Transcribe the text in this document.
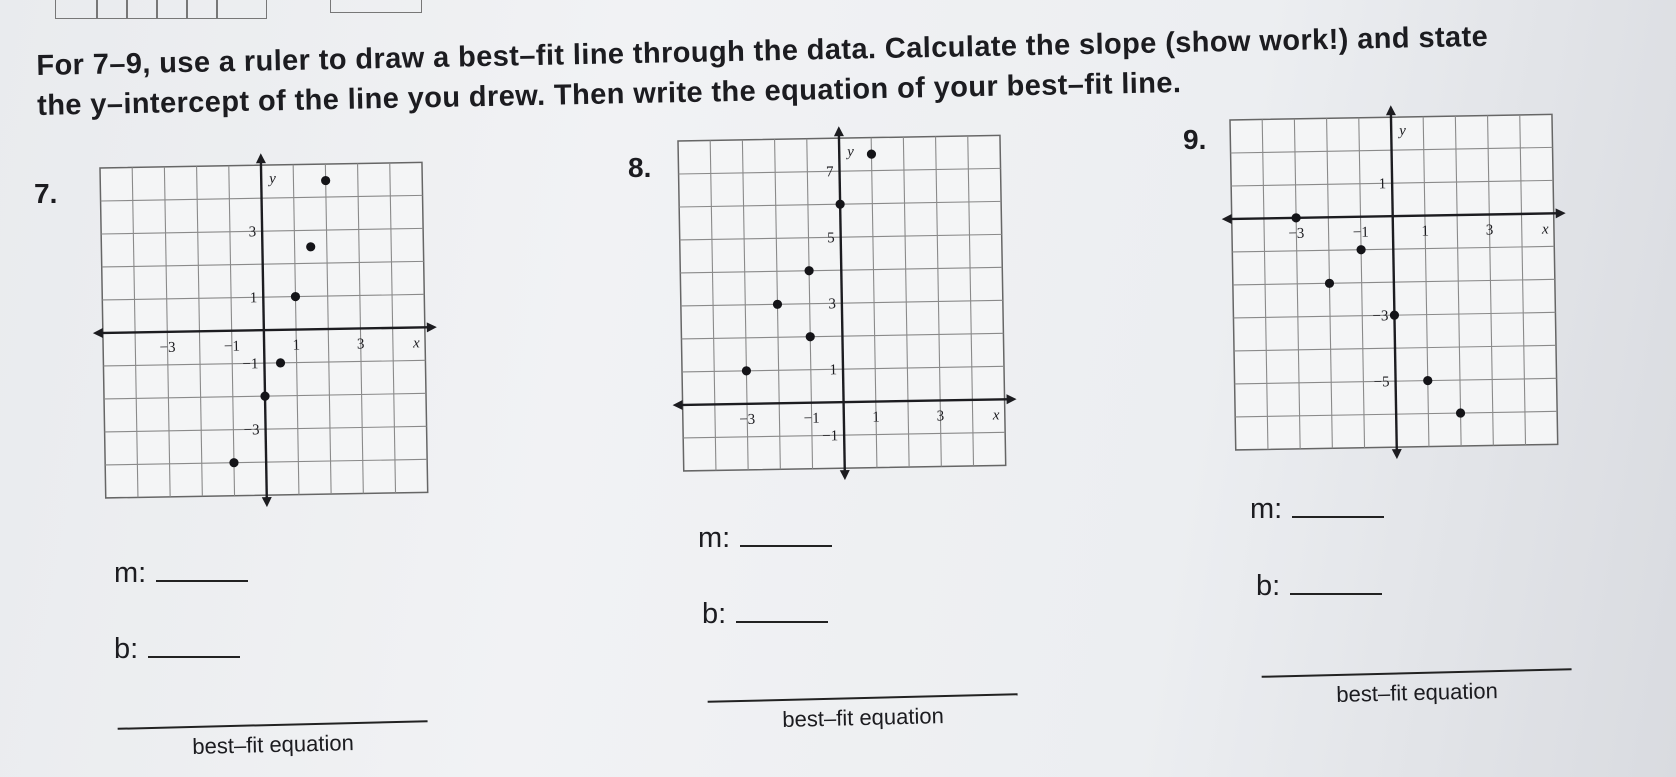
For 7–9, use a ruler to draw a best–fit line through the data. Calculate the slope (show work!) and state the y–intercept of the line you drew. Then write the equation of your best–fit line.

7.
x
y
−3	−1	1	3
3
1
−1
−3
m:
b:
best–fit equation
8.
x
y
−3	−1	1	3
7
5
3
1
−1
m:
b:
best–fit equation
9.
x
y
−3	−1	1	3
1
−3
−5
m:
b:
best–fit equation
